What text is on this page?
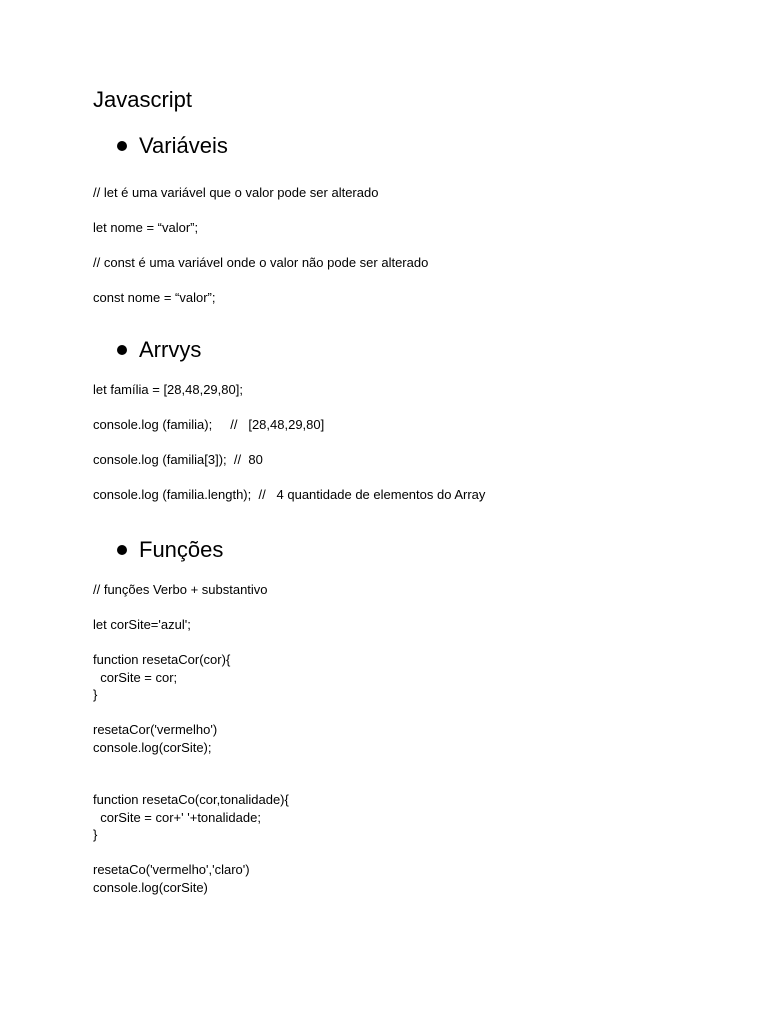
Javascript
Variáveis

// let é uma variável que o valor pode ser alterado

let nome = “valor”;

// const é uma variável onde o valor não pode ser alterado

const nome = “valor”;

Arrvys

let família = [28,48,29,80];

console.log (familia);     //   [28,48,29,80]

console.log (familia[3]);  //  80

console.log (familia.length);  //   4 quantidade de elementos do Array

Funções

// funções Verbo + substantivo

let corSite='azul';

function resetaCor(cor){

corSite = cor;

}

resetaCor('vermelho')

console.log(corSite);

function resetaCo(cor,tonalidade){

corSite = cor+' '+tonalidade;

}

resetaCo('vermelho','claro')

console.log(corSite)
